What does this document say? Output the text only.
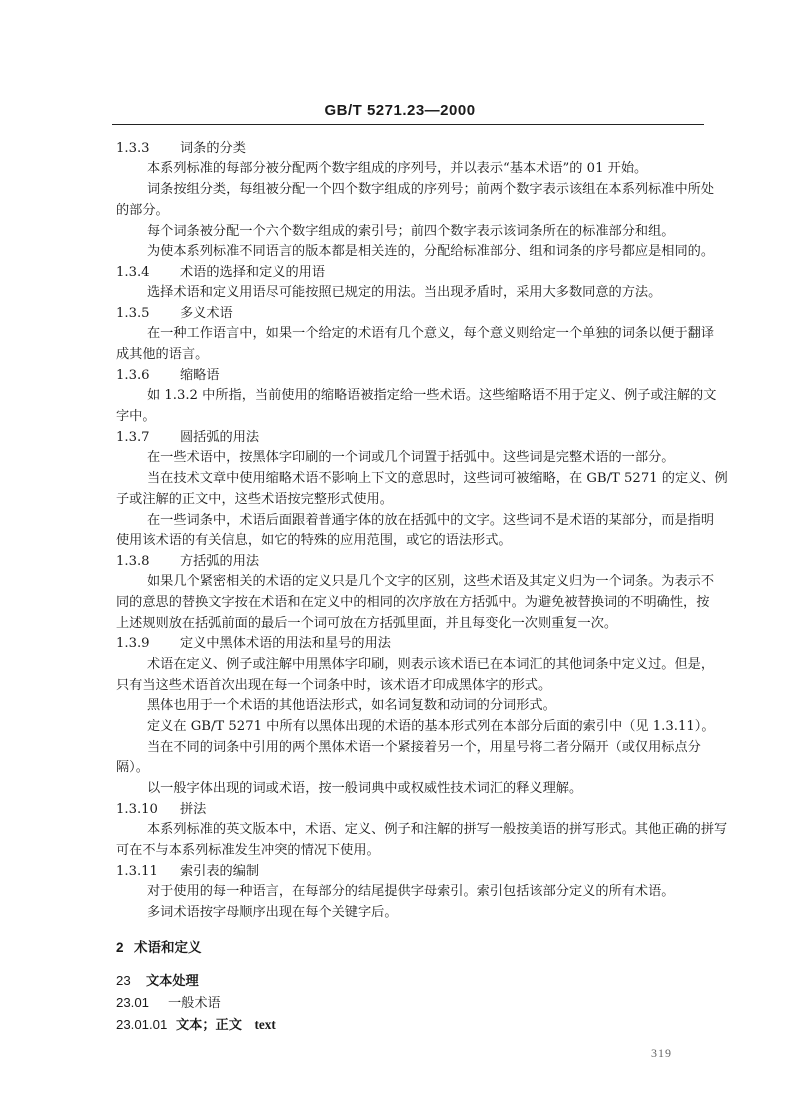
GB/T 5271.23—2000
1.3.3 词条的分类
本系列标准的每部分被分配两个数字组成的序列号，并以表示“基本术语”的 01 开始。
词条按组分类，每组被分配一个四个数字组成的序列号；前两个数字表示该组在本系列标准中所处
的部分。
每个词条被分配一个六个数字组成的索引号；前四个数字表示该词条所在的标准部分和组。
为使本系列标准不同语言的版本都是相关连的，分配给标准部分、组和词条的序号都应是相同的。
1.3.4 术语的选择和定义的用语
选择术语和定义用语尽可能按照已规定的用法。当出现矛盾时，采用大多数同意的方法。
1.3.5 多义术语
在一种工作语言中，如果一个给定的术语有几个意义，每个意义则给定一个单独的词条以便于翻译
成其他的语言。
1.3.6 缩略语
如 1.3.2 中所指，当前使用的缩略语被指定给一些术语。这些缩略语不用于定义、例子或注解的文
字中。
1.3.7 圆括弧的用法
在一些术语中，按黑体字印刷的一个词或几个词置于括弧中。这些词是完整术语的一部分。
当在技术文章中使用缩略术语不影响上下文的意思时，这些词可被缩略，在 GB/T 5271 的定义、例
子或注解的正文中，这些术语按完整形式使用。
在一些词条中，术语后面跟着普通字体的放在括弧中的文字。这些词不是术语的某部分，而是指明
使用该术语的有关信息，如它的特殊的应用范围，或它的语法形式。
1.3.8 方括弧的用法
如果几个紧密相关的术语的定义只是几个文字的区别，这些术语及其定义归为一个词条。为表示不
同的意思的替换文字按在术语和在定义中的相同的次序放在方括弧中。为避免被替换词的不明确性，按
上述规则放在括弧前面的最后一个词可放在方括弧里面，并且每变化一次则重复一次。
1.3.9 定义中黑体术语的用法和星号的用法
术语在定义、例子或注解中用黑体字印刷，则表示该术语已在本词汇的其他词条中定义过。但是，
只有当这些术语首次出现在每一个词条中时，该术语才印成黑体字的形式。
黑体也用于一个术语的其他语法形式，如名词复数和动词的分词形式。
定义在 GB/T 5271 中所有以黑体出现的术语的基本形式列在本部分后面的索引中（见 1.3.11）。
当在不同的词条中引用的两个黑体术语一个紧接着另一个，用星号将二者分隔开（或仅用标点分
隔）。
以一般字体出现的词或术语，按一般词典中或权威性技术词汇的释义理解。
1.3.10 拼法
本系列标准的英文版本中，术语、定义、例子和注解的拼写一般按美语的拼写形式。其他正确的拼写
可在不与本系列标准发生冲突的情况下使用。
1.3.11 索引表的编制
对于使用的每一种语言，在每部分的结尾提供字母索引。索引包括该部分定义的所有术语。
多词术语按字母顺序出现在每个关键字后。
2 术语和定义
23 文本处理
23.01 一般术语
23.01.01 文本；正文 text
319
